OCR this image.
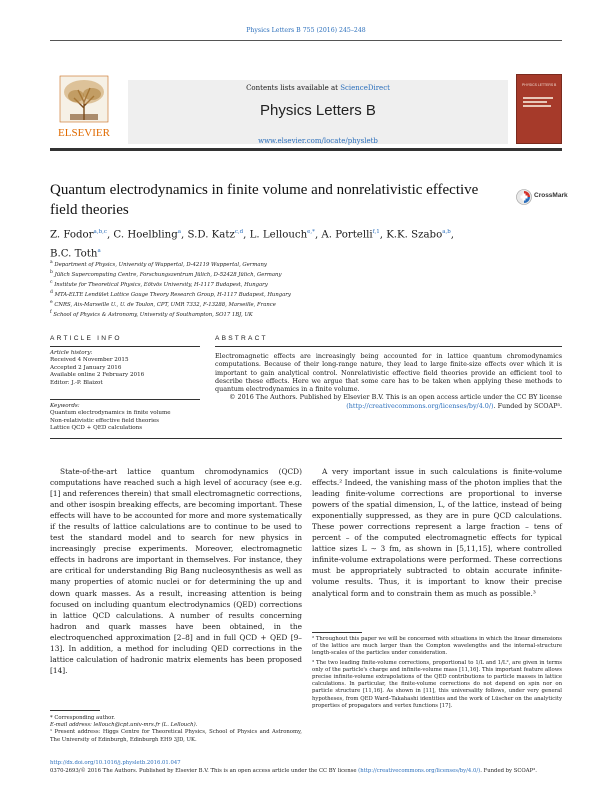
Physics Letters B 755 (2016) 245–248
ELSEVIER
Contents lists available at ScienceDirect
Physics Letters B
www.elsevier.com/locate/physletb
PHYSICS LETTERS B
Quantum electrodynamics in finite volume and nonrelativistic effective
field theories
CrossMark
Z. Fodor$^{a,b,c}$, C. Hoelbling$^a$, S.D. Katz$^{c,d}$, L. Lellouch$^{e,*}$, A. Portelli$^{f,1}$, K.K. Szabo$^{a,b}$,
B.C. Toth$^a$
$^a$ Department of Physics, University of Wuppertal, D-42119 Wuppertal, Germany
$^b$ Jülich Supercomputing Centre, Forschungszentrum Jülich, D-52428 Jülich, Germany
$^c$ Institute for Theoretical Physics, Eötvös University, H-1117 Budapest, Hungary
$^d$ MTA-ELTE Lendület Lattice Gauge Theory Research Group, H-1117 Budapest, Hungary
$^e$ CNRS, Aix-Marseille U., U. de Toulon, CPT, UMR 7332, F-13288, Marseille, France
$^f$ School of Physics & Astronomy, University of Southampton, SO17 1BJ, UK
ARTICLE INFO
Article history:
Received 4 November 2015
Accepted 2 January 2016
Available online 2 February 2016
Editor: J.-P. Blaizot
Keywords:
Quantum electrodynamics in finite volume
Non-relativistic effective field theories
Lattice QCD + QED calculations
ABSTRACT

Electromagnetic effects are increasingly being accounted for in lattice quantum chromodynamics computations. Because of their long-range nature, they lead to large finite-size effects over which it is important to gain analytical control. Nonrelativistic effective field theories provide an efficient tool to describe these effects. Here we argue that some care has to be taken when applying these methods to quantum electrodynamics in a finite volume.

© 2016 The Authors. Published by Elsevier B.V. This is an open access article under the CC BY license (http://creativecommons.org/licenses/by/4.0/). Funded by SCOAP³.

State-of-the-art lattice quantum chromodynamics (QCD) computations have reached such a high level of accuracy (see e.g. [1] and references therein) that small electromagnetic corrections, and other isospin breaking effects, are becoming important. These effects will have to be accounted for more and more systematically if the results of lattice calculations are to continue to be used to test the standard model and to search for new physics in increasingly precise experiments. Moreover, electromagnetic effects in hadrons are important in themselves. For instance, they are critical for understanding Big Bang nucleosynthesis as well as many properties of atomic nuclei or for determining the up and down quark masses. As a result, increasing attention is being focused on including quantum electrodynamics (QED) corrections in lattice QCD calculations. A number of results concerning hadron and quark masses have been obtained, in the electroquenched approximation [2–8] and in full QCD + QED [9–13]. In addition, a method for including QED corrections in the lattice calculation of hadronic matrix elements has been proposed [14].
A very important issue in such calculations is finite-volume effects.² Indeed, the vanishing mass of the photon implies that the leading finite-volume corrections are proportional to inverse powers of the spatial dimension, L, of the lattice, instead of being exponentially suppressed, as they are in pure QCD calculations. These power corrections represent a large fraction – tens of percent – of the computed electromagnetic effects for typical lattice sizes L ∼ 3 fm, as shown in [5,11,15], where controlled infinite-volume extrapolations were performed. These corrections must be appropriately subtracted to obtain accurate infinite-volume results. Thus, it is important to know their precise analytical form and to constrain them as much as possible.³
* Corresponding author.
E-mail address: lellouch@cpt.univ-mrs.fr (L. Lellouch).
¹ Present address: Higgs Centre for Theoretical Physics, School of Physics and Astronomy, The University of Edinburgh, Edinburgh EH9 3JD, UK.
² Throughout this paper we will be concerned with situations in which the linear dimensions of the lattice are much larger than the Compton wavelengths and the internal-structure length-scales of the particles under consideration.
³ The two leading finite-volume corrections, proportional to 1/L and 1/L², are given in terms only of the particle's charge and infinite-volume mass [11,16]. This important feature allows precise infinite-volume extrapolations of the QED contributions to particle masses in lattice calculations. In particular, the finite-volume corrections do not depend on spin nor on particle structure [11,16]. As shown in [11], this universality follows, under very general hypotheses, from QED Ward–Takahashi identities and the work of Lüscher on the analyticity properties of propagators and vertex functions [17].
http://dx.doi.org/10.1016/j.physletb.2016.01.047
0370-2693/© 2016 The Authors. Published by Elsevier B.V. This is an open access article under the CC BY license (http://creativecommons.org/licenses/by/4.0/). Funded by SCOAP³.
